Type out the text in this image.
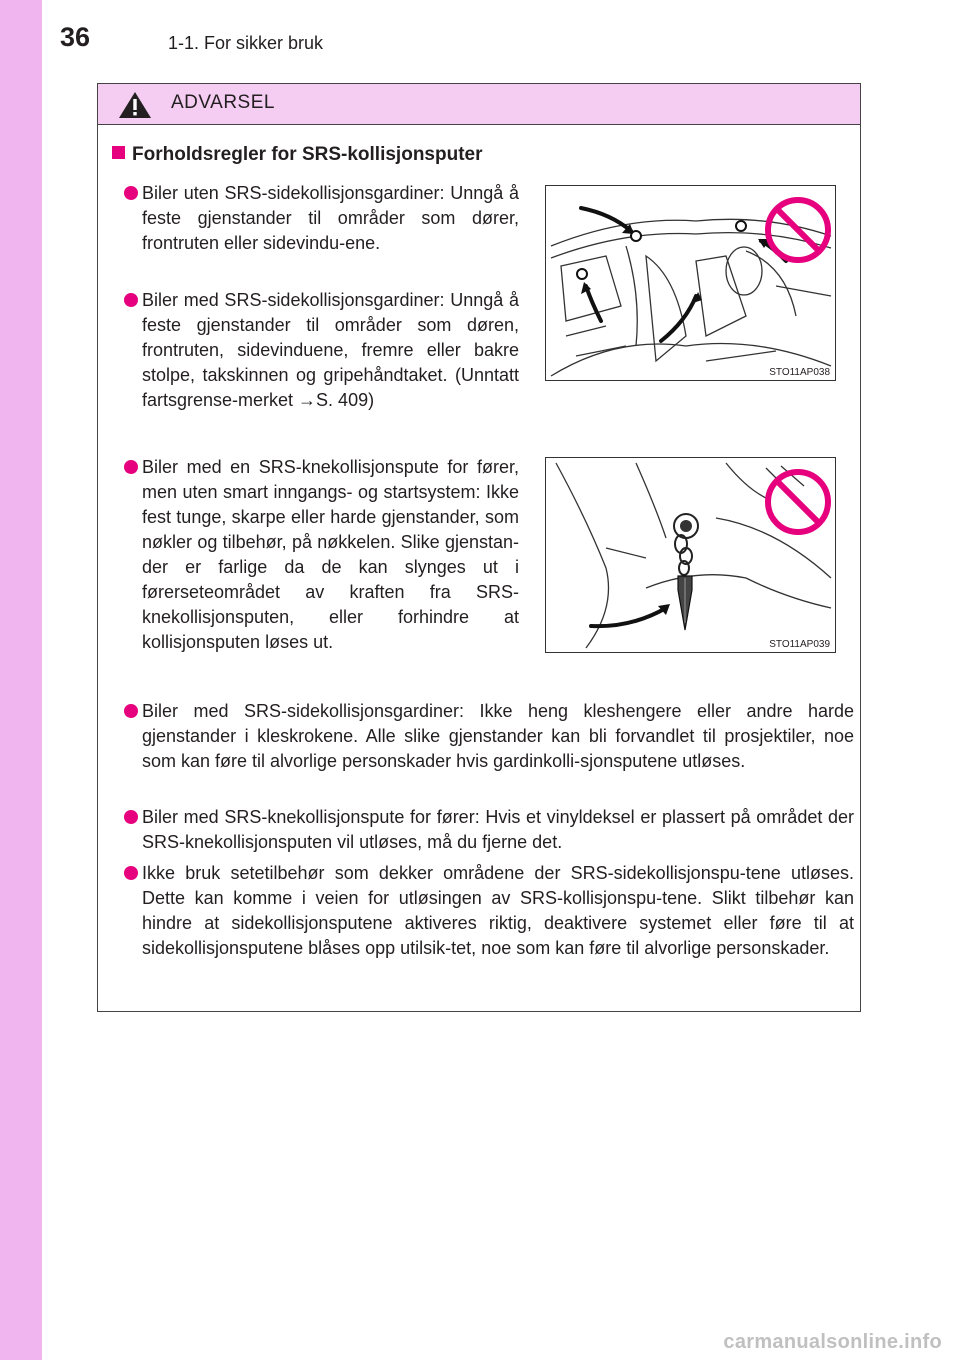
36	1-1. For sikker bruk
ADVARSEL
Forholdsregler for SRS-kollisjonsputer
Biler uten SRS-sidekollisjonsgardiner: Unngå å feste gjenstander til områder som dører, frontruten eller sidevindu-ene.
Biler med SRS-sidekollisjonsgardiner: Unngå å feste gjenstander til områder som døren, frontruten, sidevinduene, fremre eller bakre stolpe, takskinnen og gripehåndtaket. (Unntatt fartsgrense-merket →S. 409)
Biler med en SRS-knekollisjonspute for fører, men uten smart inngangs- og startsystem: Ikke fest tunge, skarpe eller harde gjenstander, som nøkler og tilbehør, på nøkkelen. Slike gjenstan-der er farlige da de kan slynges ut i førerseteområdet av kraften fra SRS-knekollisjonsputen, eller forhindre at kollisjonsputen løses ut.
Biler med SRS-sidekollisjonsgardiner: Ikke heng kleshengere eller andre harde gjenstander i kleskrokene. Alle slike gjenstander kan bli forvandlet til prosjektiler, noe som kan føre til alvorlige personskader hvis gardinkolli-sjonsputene utløses.
Biler med SRS-knekollisjonspute for fører: Hvis et vinyldeksel er plassert på området der SRS-knekollisjonsputen vil utløses, må du fjerne det.
Ikke bruk setetilbehør som dekker områdene der SRS-sidekollisjonspu-tene utløses. Dette kan komme i veien for utløsingen av SRS-kollisjonspu-tene. Slikt tilbehør kan hindre at sidekollisjonsputene aktiveres riktig, deaktivere systemet eller føre til at sidekollisjonsputene blåses opp utilsik-tet, noe som kan føre til alvorlige personskader.
STO11AP038
STO11AP039
carmanualsonline.info
